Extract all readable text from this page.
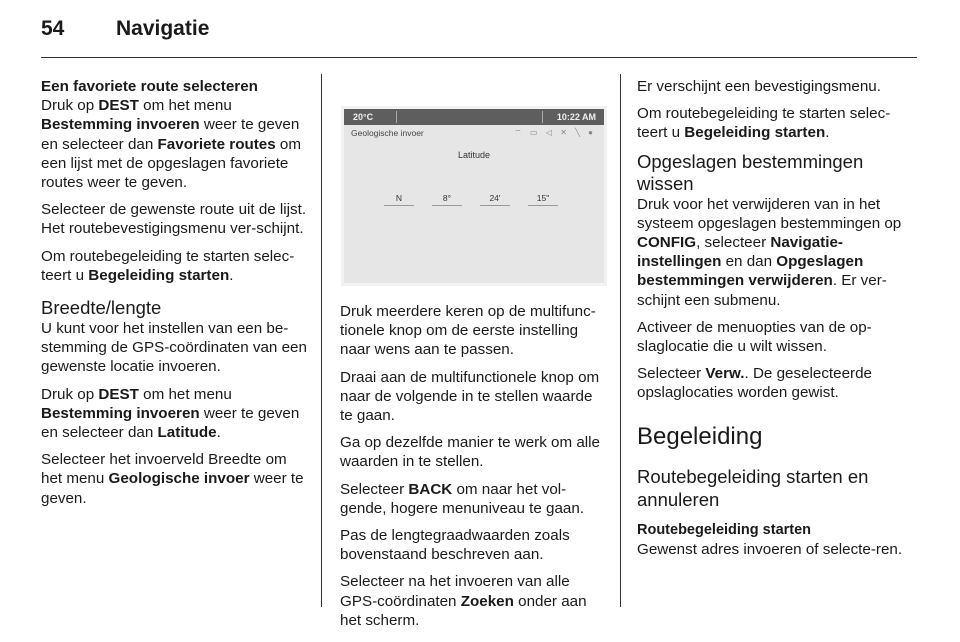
54 Navigatie
Een favoriete route selecteren

Druk op DEST om het menu Bestemming invoeren weer te geven en selecteer dan Favoriete routes om een lijst met de opgeslagen favoriete routes weer te geven.

Selecteer de gewenste route uit de lijst. Het routebevestigingsmenu ver-schijnt.

Om routebegeleiding te starten selec-teert u Begeleiding starten.

Breedte/lengte

U kunt voor het instellen van een be-stemming de GPS-coördinaten van een gewenste locatie invoeren.

Druk op DEST om het menu Bestemming invoeren weer te geven en selecteer dan Latitude.

Selecteer het invoerveld Breedte om het menu Geologische invoer weer te geven.

20°C	10:22 AM
Geologische invoer	⌔ ▭ ◁ ✕ ╲ ●
Latitude
N	8°	24'	15"

Druk meerdere keren op de multifunc-tionele knop om de eerste instelling naar wens aan te passen.

Draai aan de multifunctionele knop om naar de volgende in te stellen waarde te gaan.

Ga op dezelfde manier te werk om alle waarden in te stellen.

Selecteer BACK om naar het vol-gende, hogere menuniveau te gaan.

Pas de lengtegraadwaarden zoals bovenstaand beschreven aan.

Selecteer na het invoeren van alle GPS-coördinaten Zoeken onder aan het scherm.

Er verschijnt een bevestigingsmenu.

Om routebegeleiding te starten selec-teert u Begeleiding starten.

Opgeslagen bestemmingen wissen

Druk voor het verwijderen van in het systeem opgeslagen bestemmingen op CONFIG, selecteer Navigatie-instellingen en dan Opgeslagen bestemmingen verwijderen. Er ver-schijnt een submenu.

Activeer de menuopties van de op-slaglocatie die u wilt wissen.

Selecteer Verw.. De geselecteerde opslaglocaties worden gewist.

Begeleiding
Routebegeleiding starten en annuleren
Routebegeleiding starten

Gewenst adres invoeren of selecte-ren.
